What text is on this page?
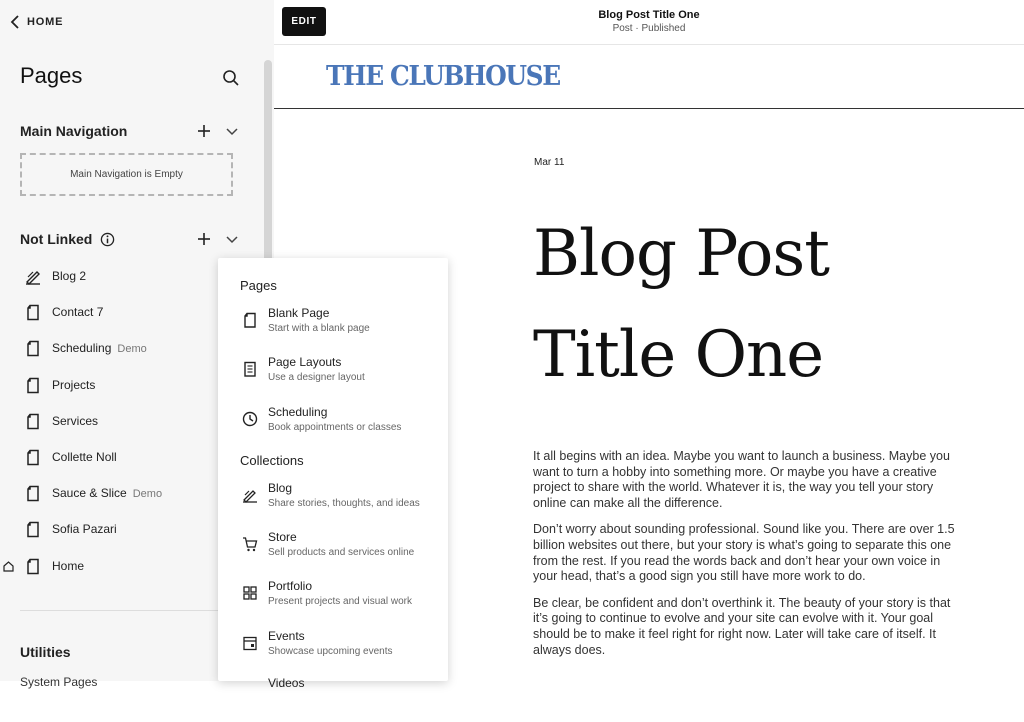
HOME
Pages
Main Navigation
Main Navigation is Empty
Not Linked
Blog 2
Contact 7
Scheduling Demo
Projects
Services
Collette Noll
Sauce & Slice Demo
Sofia Pazari
Home
Utilities
System Pages
EDIT
Blog Post Title One
Post · Published
THE CLUBHOUSE
Mar 11
Blog Post Title One

It all begins with an idea. Maybe you want to launch a business. Maybe you want to turn a hobby into something more. Or maybe you have a creative project to share with the world. Whatever it is, the way you tell your story online can make all the difference.

Don’t worry about sounding professional. Sound like you. There are over 1.5 billion websites out there, but your story is what’s going to separate this one from the rest. If you read the words back and don’t hear your own voice in your head, that’s a good sign you still have more work to do.

Be clear, be confident and don’t overthink it. The beauty of your story is that it’s going to continue to evolve and your site can evolve with it. Your goal should be to make it feel right for right now. Later will take care of itself. It always does.

Pages
Blank Page
Start with a blank page
Page Layouts
Use a designer layout
Scheduling
Book appointments or classes
Collections
Blog
Share stories, thoughts, and ideas
Store
Sell products and services online
Portfolio
Present projects and visual work
Events
Showcase upcoming events
Videos
